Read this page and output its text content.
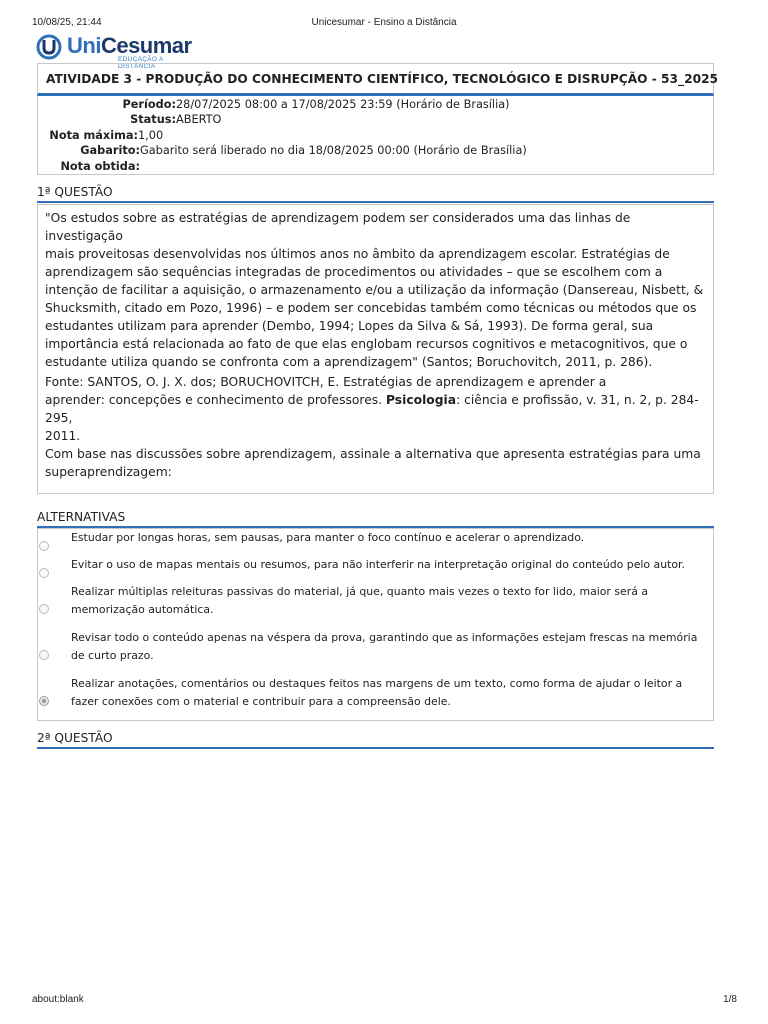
10/08/25, 21:44	Unicesumar - Ensino a Distância
UniCesumar
EDUCAÇÃO A DISTÂNCIA
ATIVIDADE 3 - PRODUÇÃO DO CONHECIMENTO CIENTÍFICO, TECNOLÓGICO E DISRUPÇÃO - 53_2025
Período: 28/07/2025 08:00 a 17/08/2025 23:59 (Horário de Brasília)
Status: ABERTO
Nota máxima: 1,00
Gabarito: Gabarito será liberado no dia 18/08/2025 00:00 (Horário de Brasília)
Nota obtida:
1ª QUESTÃO

"Os estudos sobre as estratégias de aprendizagem podem ser considerados uma das linhas de investigação
mais proveitosas desenvolvidas nos últimos anos no âmbito da aprendizagem escolar. Estratégias de
aprendizagem são sequências integradas de procedimentos ou atividades – que se escolhem com a
intenção de facilitar a aquisição, o armazenamento e/ou a utilização da informação (Dansereau, Nisbett, &
Shucksmith, citado em Pozo, 1996) – e podem ser concebidas também como técnicas ou métodos que os
estudantes utilizam para aprender (Dembo, 1994; Lopes da Silva & Sá, 1993). De forma geral, sua
importância está relacionada ao fato de que elas englobam recursos cognitivos e metacognitivos, que o
estudante utiliza quando se confronta com a aprendizagem" (Santos; Boruchovitch, 2011, p. 286).

Fonte: SANTOS, O. J. X. dos; BORUCHOVITCH, E. Estratégias de aprendizagem e aprender a
aprender: concepções e conhecimento de professores. Psicologia: ciência e profissão, v. 31, n. 2, p. 284-295,
2011.

Com base nas discussões sobre aprendizagem, assinale a alternativa que apresenta estratégias para uma
superaprendizagem:

ALTERNATIVAS
Estudar por longas horas, sem pausas, para manter o foco contínuo e acelerar o aprendizado.
Evitar o uso de mapas mentais ou resumos, para não interferir na interpretação original do conteúdo pelo autor.
Realizar múltiplas releituras passivas do material, já que, quanto mais vezes o texto for lido, maior será a
memorização automática.
Revisar todo o conteúdo apenas na véspera da prova, garantindo que as informações estejam frescas na memória
de curto prazo.
Realizar anotações, comentários ou destaques feitos nas margens de um texto, como forma de ajudar o leitor a
fazer conexões com o material e contribuir para a compreensão dele.
2ª QUESTÃO
about:blank	1/8
